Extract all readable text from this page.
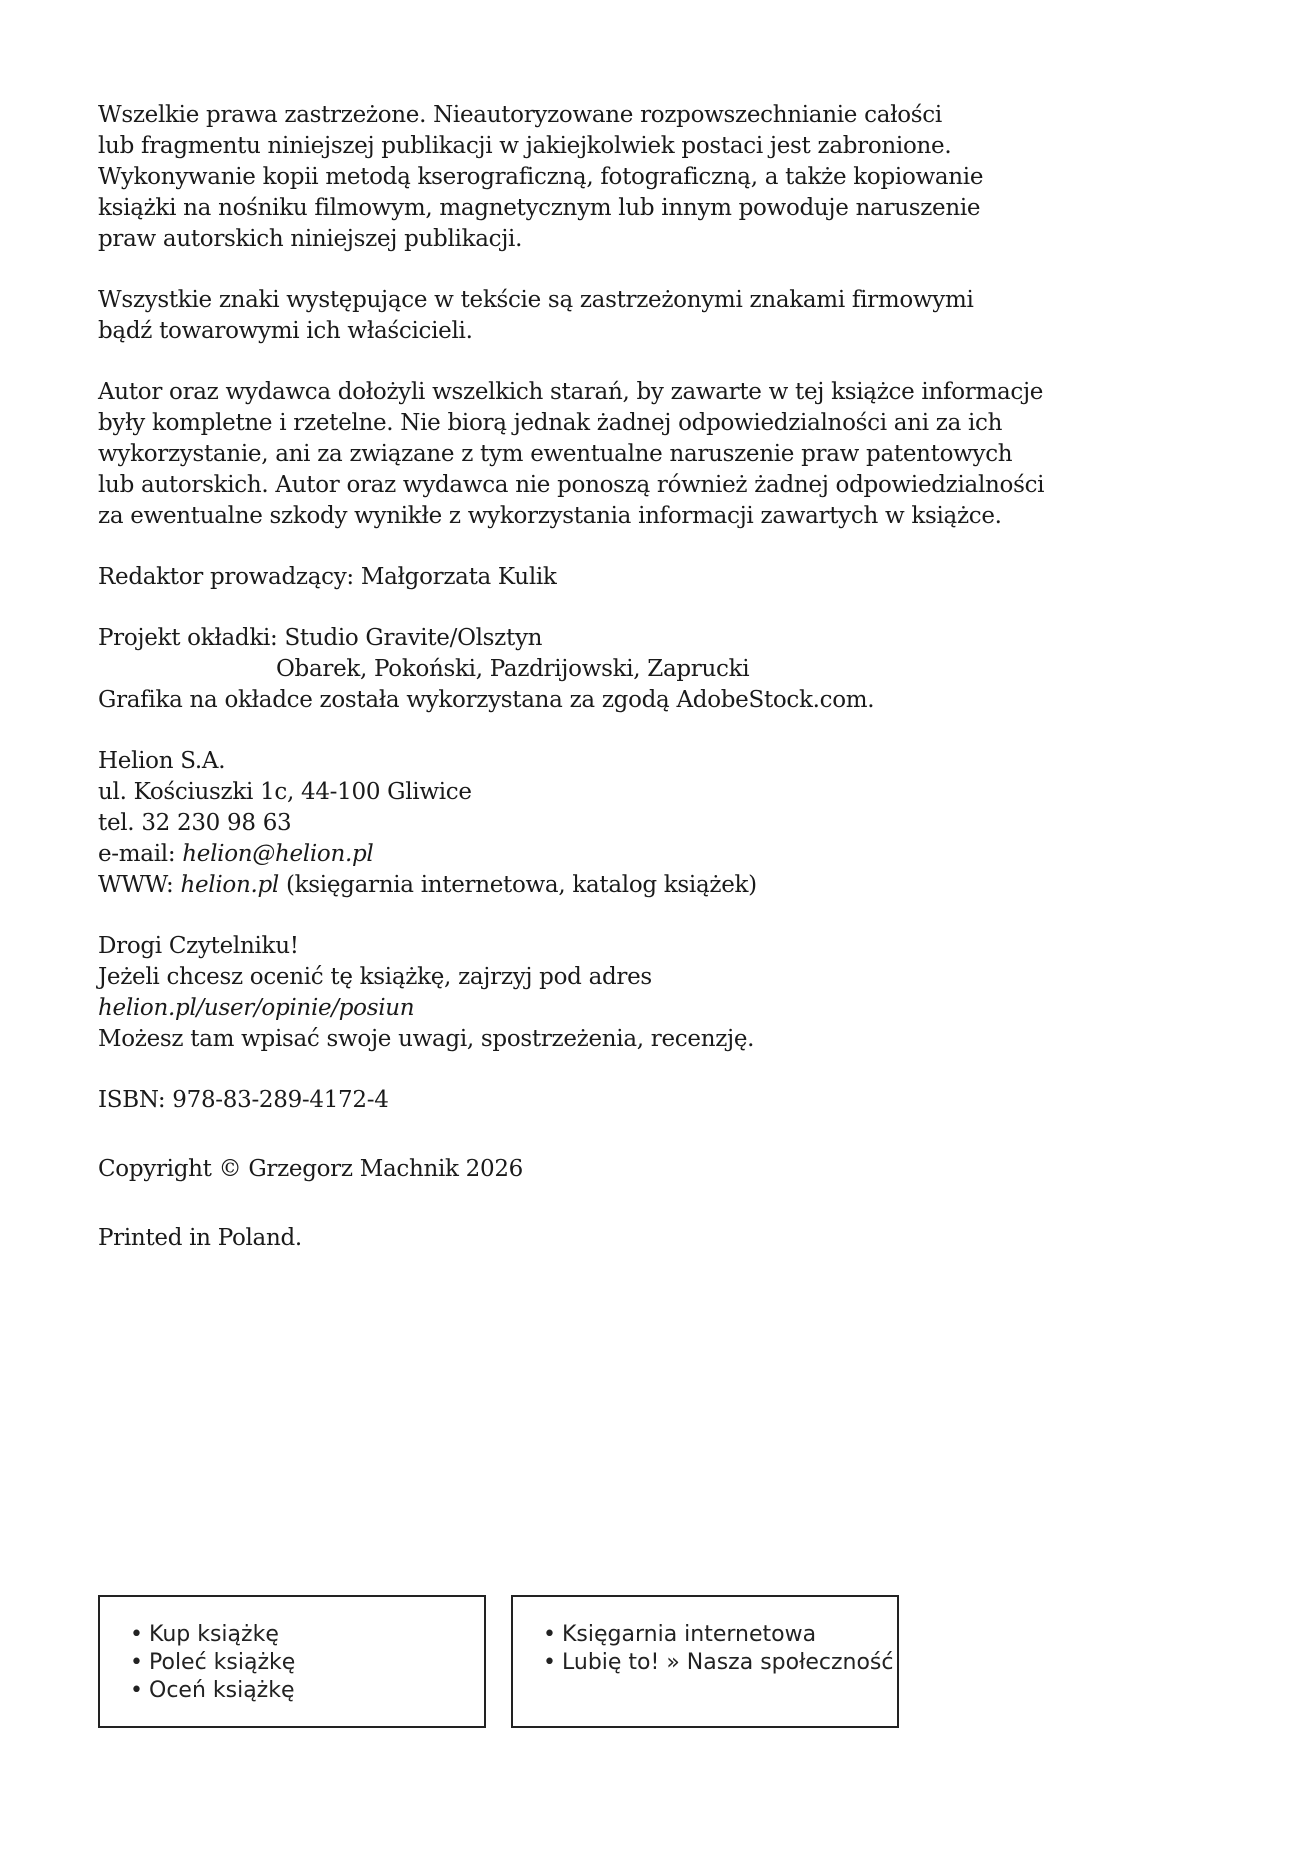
Wszelkie prawa zastrzeżone. Nieautoryzowane rozpowszechnianie całości
lub fragmentu niniejszej publikacji w jakiejkolwiek postaci jest zabronione.
Wykonywanie kopii metodą kserograficzną, fotograficzną, a także kopiowanie
książki na nośniku filmowym, magnetycznym lub innym powoduje naruszenie
praw autorskich niniejszej publikacji.

Wszystkie znaki występujące w tekście są zastrzeżonymi znakami firmowymi
bądź towarowymi ich właścicieli.

Autor oraz wydawca dołożyli wszelkich starań, by zawarte w tej książce informacje
były kompletne i rzetelne. Nie biorą jednak żadnej odpowiedzialności ani za ich
wykorzystanie, ani za związane z tym ewentualne naruszenie praw patentowych
lub autorskich. Autor oraz wydawca nie ponoszą również żadnej odpowiedzialności
za ewentualne szkody wynikłe z wykorzystania informacji zawartych w książce.

Redaktor prowadzący: Małgorzata Kulik

Projekt okładki: Studio Gravite/Olsztyn
Obarek, Pokoński, Pazdrijowski, Zaprucki
Grafika na okładce została wykorzystana za zgodą AdobeStock.com.

Helion S.A.
ul. Kościuszki 1c, 44-100 Gliwice
tel. 32 230 98 63
e-mail: helion@helion.pl
WWW: helion.pl (księgarnia internetowa, katalog książek)

Drogi Czytelniku!
Jeżeli chcesz ocenić tę książkę, zajrzyj pod adres
helion.pl/user/opinie/posiun
Możesz tam wpisać swoje uwagi, spostrzeżenia, recenzję.

ISBN: 978-83-289-4172-4

Copyright © Grzegorz Machnik 2026

Printed in Poland.

• Kup książkę
• Poleć książkę
• Oceń książkę
• Księgarnia internetowa
• Lubię to! » Nasza społeczność
